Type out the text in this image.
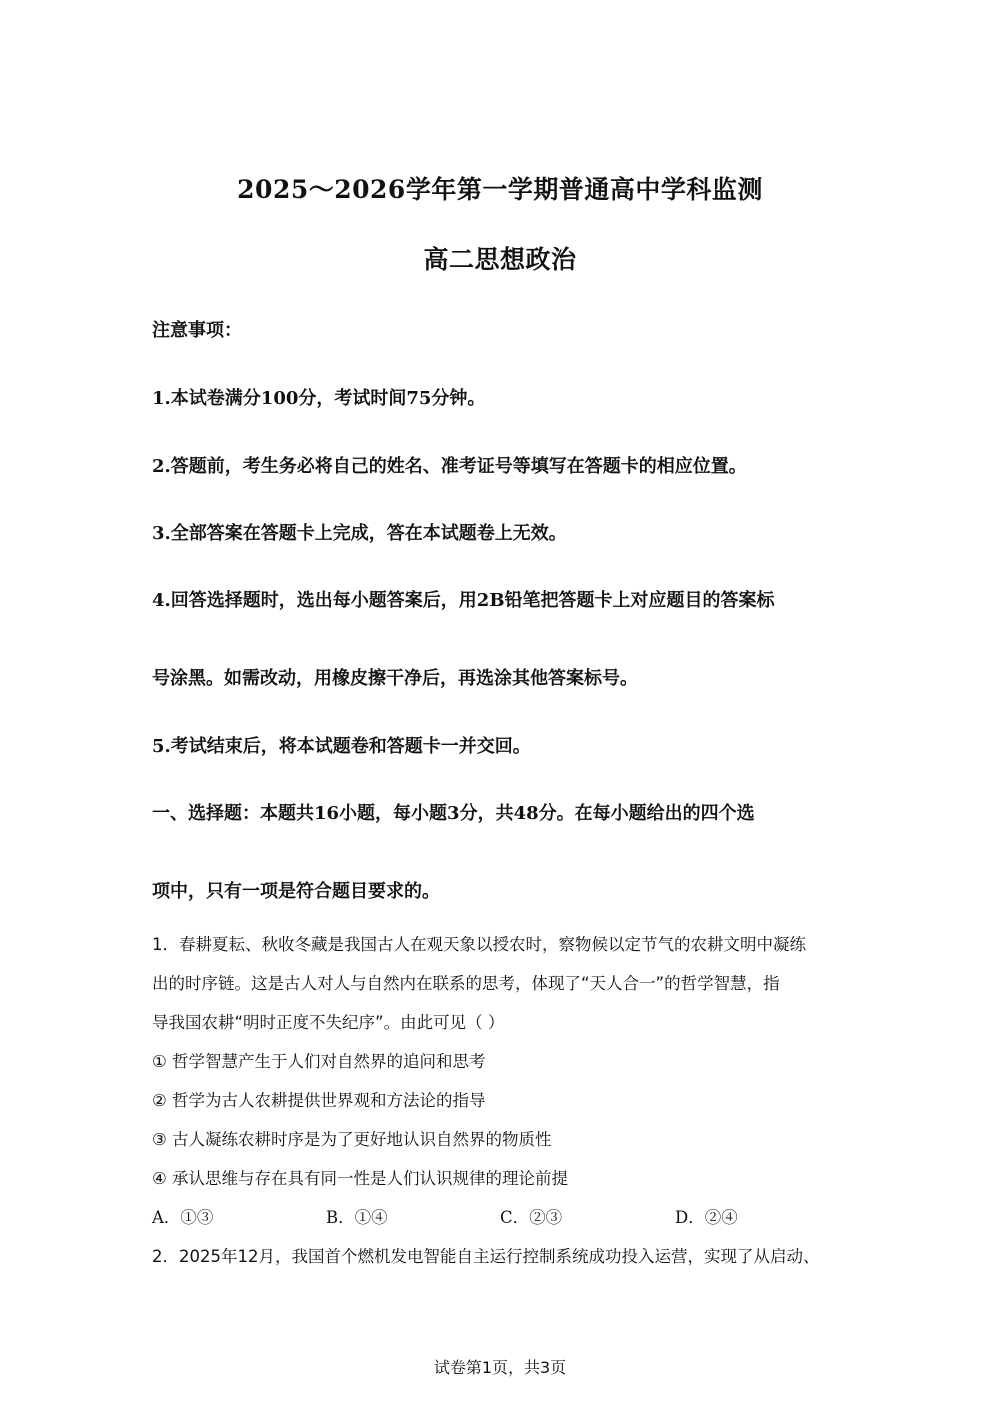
2025～2026学年第一学期普通高中学科监测
高二思想政治
注意事项：
1.本试卷满分100分，考试时间75分钟。
2.答题前，考生务必将自己的姓名、准考证号等填写在答题卡的相应位置。
3.全部答案在答题卡上完成，答在本试题卷上无效。
4.回答选择题时，选出每小题答案后，用2B铅笔把答题卡上对应题目的答案标
号涂黑。如需改动，用橡皮擦干净后，再选涂其他答案标号。
5.考试结束后，将本试题卷和答题卡一并交回。
一、选择题：本题共16小题，每小题3分，共48分。在每小题给出的四个选
项中，只有一项是符合题目要求的。
1．春耕夏耘、秋收冬藏是我国古人在观天象以授农时，察物候以定节气的农耕文明中凝练
出的时序链。这是古人对人与自然内在联系的思考，体现了“天人合一”的哲学智慧，指
导我国农耕“明时正度不失纪序”。由此可见（ ）
① 哲学智慧产生于人们对自然界的追问和思考
② 哲学为古人农耕提供世界观和方法论的指导
③ 古人凝练农耕时序是为了更好地认识自然界的物质性
④ 承认思维与存在具有同一性是人们认识规律的理论前提
A．①③	B．①④	C．②③	D．②④
2．2025年12月，我国首个燃机发电智能自主运行控制系统成功投入运营，实现了从启动、
试卷第1页，共3页
